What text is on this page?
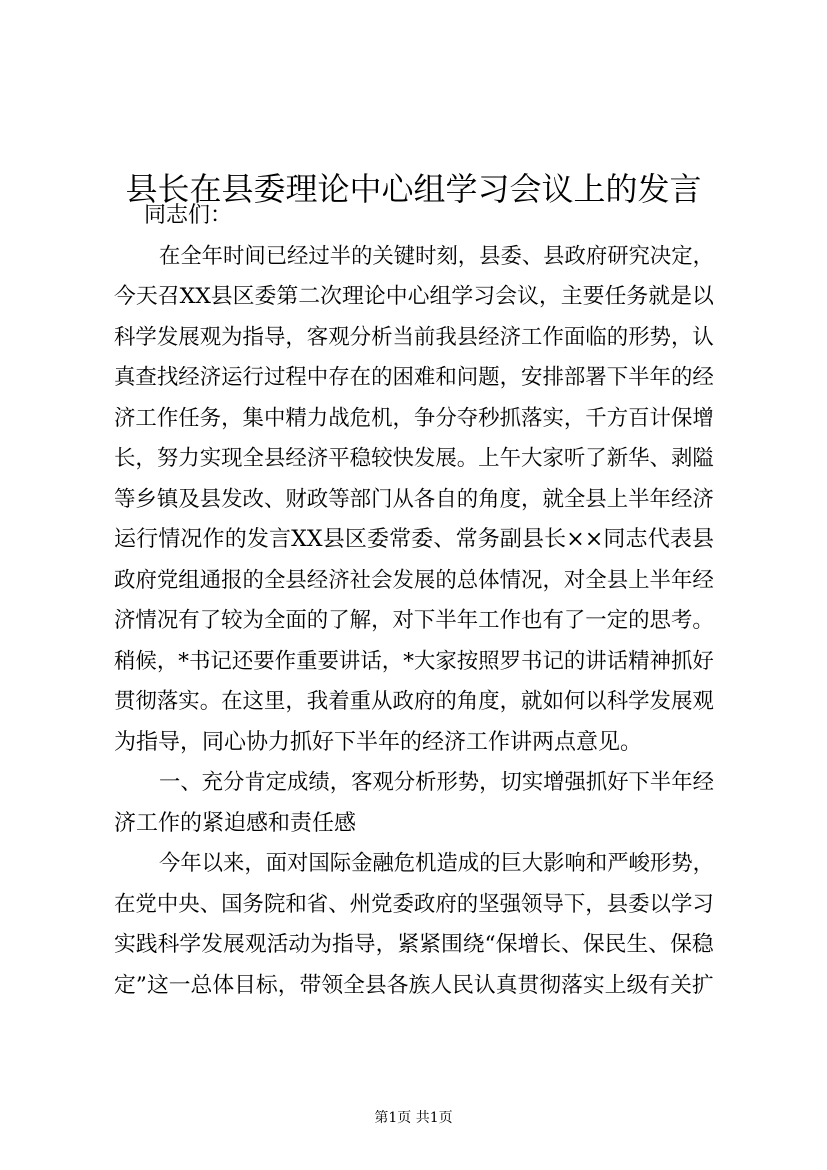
县长在县委理论中心组学习会议上的发言
同志们：
在全年时间已经过半的关键时刻，县委、县政府研究决定，
今天召XX县区委第二次理论中心组学习会议，主要任务就是以
科学发展观为指导，客观分析当前我县经济工作面临的形势，认
真查找经济运行过程中存在的困难和问题，安排部署下半年的经
济工作任务，集中精力战危机，争分夺秒抓落实，千方百计保增
长，努力实现全县经济平稳较快发展。上午大家听了新华、剥隘
等乡镇及县发改、财政等部门从各自的角度，就全县上半年经济
运行情况作的发言XX县区委常委、常务副县长××同志代表县
政府党组通报的全县经济社会发展的总体情况，对全县上半年经
济情况有了较为全面的了解，对下半年工作也有了一定的思考。
稍候，*书记还要作重要讲话，*大家按照罗书记的讲话精神抓好
贯彻落实。在这里，我着重从政府的角度，就如何以科学发展观
为指导，同心协力抓好下半年的经济工作讲两点意见。
一、充分肯定成绩，客观分析形势，切实增强抓好下半年经
济工作的紧迫感和责任感
今年以来，面对国际金融危机造成的巨大影响和严峻形势，
在党中央、国务院和省、州党委政府的坚强领导下，县委以学习
实践科学发展观活动为指导，紧紧围绕“保增长、保民生、保稳
定”这一总体目标，带领全县各族人民认真贯彻落实上级有关扩
第1页 共1页
